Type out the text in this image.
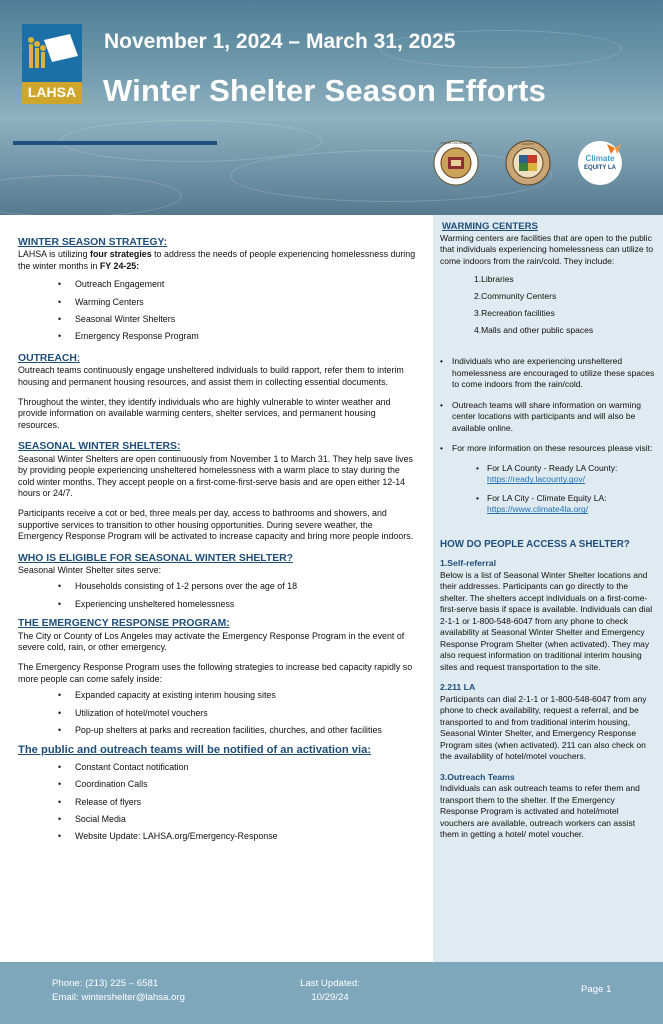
LAHSA
November 1, 2024 – March 31, 2025
Winter Shelter Season Efforts
CITY OF LOS ANGELES	COUNTY
Climate
EQUITY LA
WINTER SEASON STRATEGY:

LAHSA is utilizing four strategies to address the needs of people experiencing homelessness during the winter months in FY 24-25:

• Outreach Engagement
• Warming Centers
• Seasonal Winter Shelters
• Emergency Response Program
OUTREACH:

Outreach teams continuously engage unsheltered individuals to build rapport, refer them to interim housing and permanent housing resources, and assist them in collecting essential documents.

Throughout the winter, they identify individuals who are highly vulnerable to winter weather and provide information on available warming centers, shelter services, and permanent housing resources.

SEASONAL WINTER SHELTERS:

Seasonal Winter Shelters are open continuously from November 1 to March 31. They help save lives by providing people experiencing unsheltered homelessness with a warm place to stay during the cold winter months. They accept people on a first-come-first-serve basis and are open either 12-14 hours or 24/7.

Participants receive a cot or bed, three meals per day, access to bathrooms and showers, and supportive services to transition to other housing opportunities. During severe weather, the Emergency Response Program will be activated to increase capacity and bring more people indoors.

WHO IS ELIGIBLE FOR SEASONAL WINTER SHELTER?

Seasonal Winter Shelter sites serve:

• Households consisting of 1-2 persons over the age of 18
• Experiencing unsheltered homelessness
THE EMERGENCY RESPONSE PROGRAM:

The City or County of Los Angeles may activate the Emergency Response Program in the event of severe cold, rain, or other emergency.

The Emergency Response Program uses the following strategies to increase bed capacity rapidly so more people can come safely inside:

• Expanded capacity at existing interim housing sites
• Utilization of hotel/motel vouchers
• Pop-up shelters at parks and recreation facilities, churches, and other facilities
The public and outreach teams will be notified of an activation via:
• Constant Contact notification
• Coordination Calls
• Release of flyers
• Social Media
• Website Update: LAHSA.org/Emergency-Response
WARMING CENTERS

Warming centers are facilities that are open to the public that individuals experiencing homelessness can utilize to come indoors from the rain/cold. They include:

1.Libraries
2.Community Centers
3.Recreation facilities
4.Malls and other public spaces
• Individuals who are experiencing unsheltered homelessness are encouraged to utilize these spaces to come indoors from the rain/cold.
• Outreach teams will share information on warming center locations with participants and will also be available online.
• For more information on these resources please visit:
• For LA County - Ready LA County:
https://ready.lacounty.gov/
• For LA City - Climate Equity LA:
https://www.climate4la.org/
HOW DO PEOPLE ACCESS A SHELTER?
1.Self-referral

Below is a list of Seasonal Winter Shelter locations and their addresses. Participants can go directly to the shelter. The shelters accept individuals on a first-come-first-serve basis if space is available. Individuals can dial 2-1-1 or 1-800-548-6047 from any phone to check availability at Seasonal Winter Shelter and Emergency Response Program Shelter (when activated). They may also request information on traditional interim housing sites and request transportation to the site.

2.211 LA

Participants can dial 2-1-1 or 1-800-548-6047 from any phone to check availability, request a referral, and be transported to and from traditional interim housing, Seasonal Winter Shelter, and Emergency Response Program sites (when activated). 211 can also check on the availability of hotel/motel vouchers.

3.Outreach Teams

Individuals can ask outreach teams to refer them and transport them to the shelter. If the Emergency Response Program is activated and hotel/motel vouchers are available, outreach workers can assist them in getting a hotel/ motel voucher.

Phone: (213) 225 – 6581
Email: wintershelter@lahsa.org
Last Updated:
10/29/24
Page 1
